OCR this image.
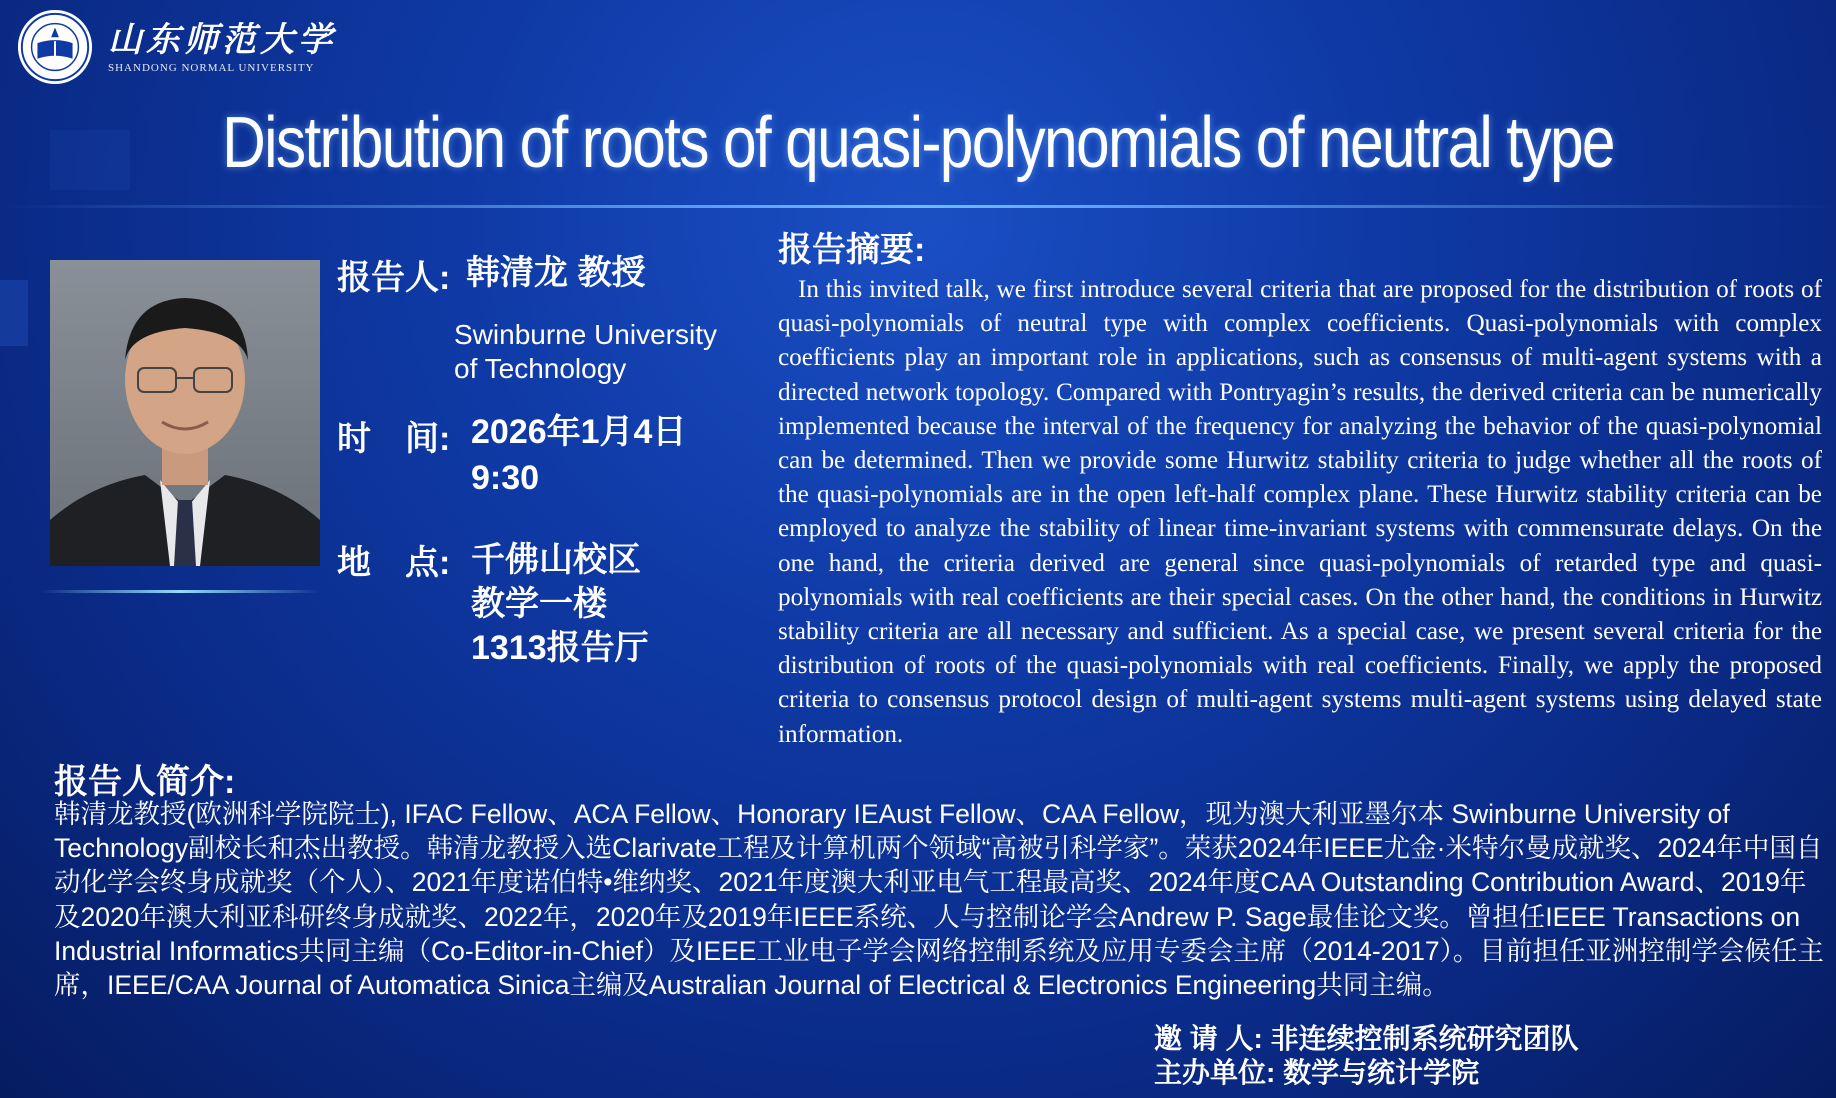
山东师范大学
SHANDONG NORMAL UNIVERSITY
Distribution of roots of quasi-polynomials of neutral type
报告人: 韩清龙 教授
Swinburne University
of Technology
时　间: 2026年1月4日
9:30
地　点: 千佛山校区
教学一楼
1313报告厅
报告摘要:
In this invited talk, we first introduce several criteria that are proposed for the distribution of roots of quasi-polynomials of neutral type with complex coefficients. Quasi-polynomials with complex coefficients play an important role in applications, such as consensus of multi-agent systems with a directed network topology. Compared with Pontryagin’s results, the derived criteria can be numerically implemented because the interval of the frequency for analyzing the behavior of the quasi-polynomial can be determined. Then we provide some Hurwitz stability criteria to judge whether all the roots of the quasi-polynomials are in the open left-half complex plane. These Hurwitz stability criteria can be employed to analyze the stability of linear time-invariant systems with commensurate delays. On the one hand, the criteria derived are general since quasi-polynomials of retarded type and quasi-polynomials with real coefficients are their special cases. On the other hand, the conditions in Hurwitz stability criteria are all necessary and sufficient. As a special case, we present several criteria for the distribution of roots of the quasi-polynomials with real coefficients. Finally, we apply the proposed criteria to consensus protocol design of multi-agent systems multi-agent systems using delayed state information.
报告人简介:
韩清龙教授(欧洲科学院院士), IFAC Fellow、ACA Fellow、Honorary IEAust Fellow、CAA Fellow，现为澳大利亚墨尔本 Swinburne University of Technology副校长和杰出教授。韩清龙教授入选Clarivate工程及计算机两个领域“高被引科学家”。荣获2024年IEEE尤金·米特尔曼成就奖、2024年中国自动化学会终身成就奖（个人）、2021年度诺伯特•维纳奖、2021年度澳大利亚电气工程最高奖、2024年度CAA Outstanding Contribution Award、2019年及2020年澳大利亚科研终身成就奖、2022年，2020年及2019年IEEE系统、人与控制论学会Andrew P. Sage最佳论文奖。曾担任IEEE Transactions on Industrial Informatics共同主编（Co-Editor-in-Chief）及IEEE工业电子学会网络控制系统及应用专委会主席（2014-2017）。目前担任亚洲控制学会候任主席，IEEE/CAA Journal of Automatica Sinica主编及Australian Journal of Electrical & Electronics Engineering共同主编。
邀 请 人: 非连续控制系统研究团队
主办单位: 数学与统计学院
